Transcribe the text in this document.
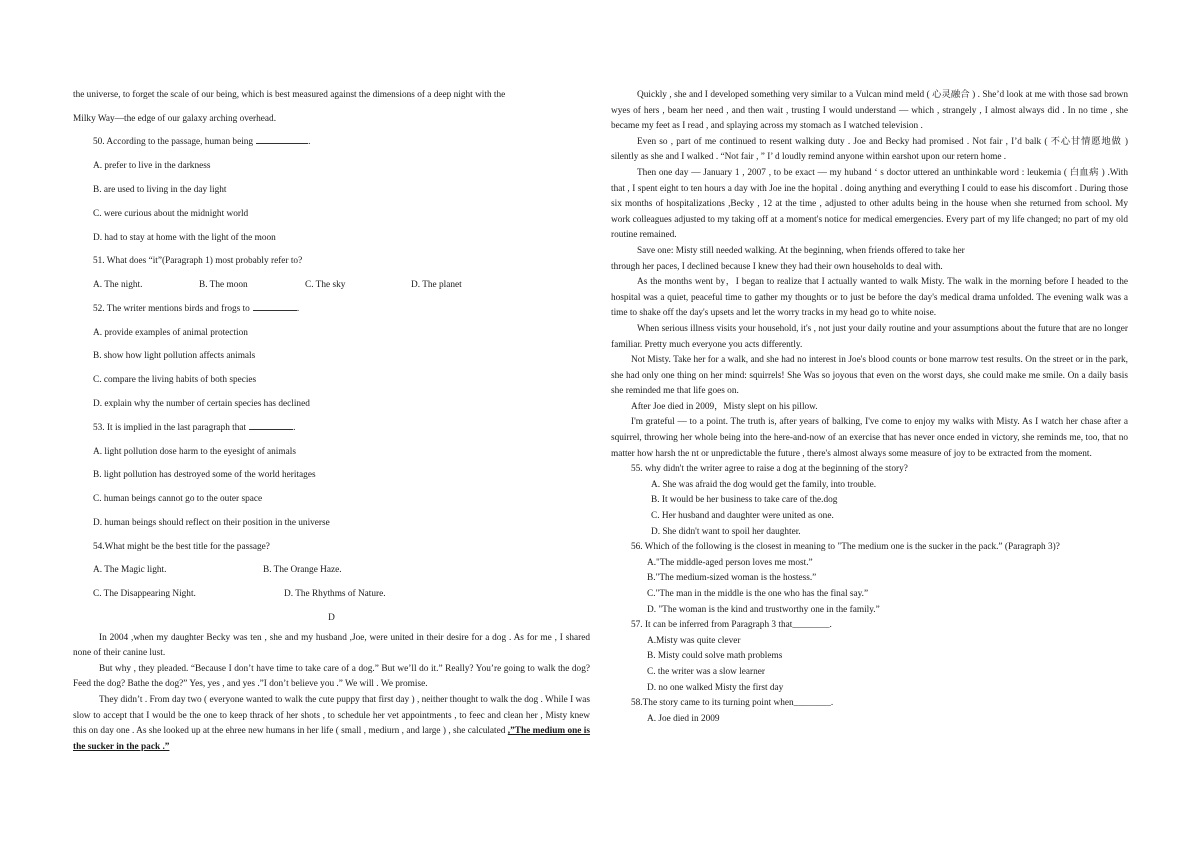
the universe, to forget the scale of our being, which is best measured against the dimensions of a deep night with the

Milky Way—the edge of our galaxy arching overhead.

50. According to the passage, human being	.

A. prefer to live in the darkness

B. are used to living in the day light

C. were curious about the midnight world

D. had to stay at home with the light of the moon

51. What does “it”(Paragraph 1) most probably refer to?

A. The night.	B. The moon	C. The sky	D. The planet

52. The writer mentions birds and frogs to	.

A. provide examples of animal protection

B. show how light pollution affects animals

C. compare the living habits of both species

D. explain why the number of certain species has declined

53. It is implied in the last paragraph that	.

A. light pollution dose harm to the eyesight of animals

B. light pollution has destroyed some of the world heritages

C. human beings cannot go to the outer space

D. human beings should reflect on their position in the universe

54.What might be the best title for the passage?

A. The Magic light.	B. The Orange Haze.
C. The Disappearing Night.	D. The Rhythms of Nature.

D

In 2004 ,when my daughter Becky was ten , she and my husband ,Joe, were united in their desire for a dog . As for me , I shared none of their canine lust.

But why , they pleaded. “Because I don’t have time to take care of a dog.” But we’ll do it.” Really? You’re going to walk the dog? Feed the dog? Bathe the dog?” Yes, yes , and yes .”I don’t believe you .” We will . We promise.

They didn’t . From day two ( everyone wanted to walk the cute puppy that first day ) , neither thought to walk the dog . While I was slow to accept that I would be the one to keep thrack of her shots , to schedule her vet appointments , to feec and clean her , Misty knew this on day one . As she looked up at the ehree new humans in her life ( small , mediurn , and large ) , she calculated ,”The medium one is the sucker in the pack .”

Quickly , she and I developed something very similar to a Vulcan mind meld ( 心灵融合 ) . She’d look at me with those sad brown wyes of hers , beam her need , and then wait , trusting I would understand — which , strangely , I almost always did . In no time , she became my feet as I read , and splaying across my stomach as I watched television .

Even so , part of me continued to resent walking duty . Joe and Becky had promised . Not fair , I’d balk ( 不心甘情愿地做 ) silently as she and I walked . “Not fair , ” I’ d loudly remind anyone within earshot upon our retern home .

Then one day — January 1 , 2007 , to be exact — my huband ‘ s doctor uttered an unthinkable word : leukemia ( 白血病 ) .With that , I spent eight to ten hours a day with Joe ine the hopital . doing anything and everything I could to ease his discomfort . During those six months of hospitalizations ,Becky , 12 at the time , adjusted to other adults being in the house when she returned from school. My work colleagues adjusted to my taking off at a moment's notice for medical emergencies. Every part of my life changed; no part of my old routine remained.

Save one: Misty still needed walking. At the beginning, when friends offered to take her

through her paces, I declined because I knew they had their own households to deal with.

As the months went by，I began to realize that I actually wanted to walk Misty. The walk in the morning before I headed to the hospital was a quiet, peaceful time to gather my thoughts or to just be before the day's medical drama unfolded. The evening walk was a time to shake off the day's upsets and let the worry tracks in my head go to white noise.

When serious illness visits your household, it's , not just your daily routine and your assumptions about the future that are no longer familiar. Pretty much everyone you acts differently.

Not Misty. Take her for a walk, and she had no interest in Joe's blood counts or bone marrow test results. On the street or in the park, she had only one thing on her mind: squirrels! She Was so joyous that even on the worst days, she could make me smile. On a daily basis she reminded me that life goes on.

After Joe died in 2009，Misty slept on his pillow.

I'm grateful — to a point. The truth is, after years of balking, I've come to enjoy my walks with Misty. As I watch her chase after a squirrel, throwing her whole being into the here-and-now of an exercise that has never once ended in victory, she reminds me, too, that no matter how harsh the nt or unpredictable the future , there's almost always some measure of joy to be extracted from the moment.

55. why didn't the writer agree to raise a dog at the beginning of the story?

A. She was afraid the dog would get the family, into trouble.

B. It would be her business to take care of the.dog

C. Her husband and daughter were united as one.

D. She didn't want to spoil her daughter.

56. Which of the following is the closest in meaning to "The medium one is the sucker in the pack.” (Paragraph 3)?

A."The middle-aged person loves me most.”

B."The medium-sized woman is the hostess.”

C."The man in the middle is the one who has the final say.”

D. "The woman is the kind and trustworthy one in the family.”

57. It can be inferred from Paragraph 3 that________.

A.Misty was quite clever

B. Misty could solve math problems

C. the writer was a slow learner

D. no one walked Misty the first day

58.The story came to its turning point when________.

A. Joe died in 2009
